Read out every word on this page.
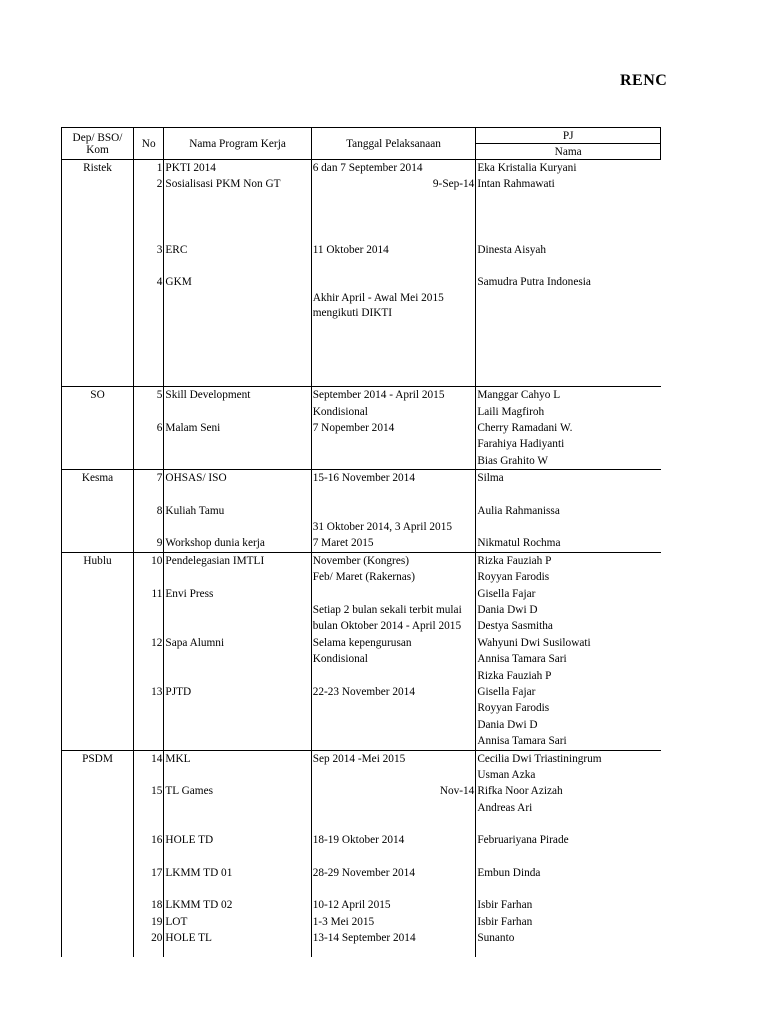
RENC
Dep/ BSO/ Kom	No	Nama Program Kerja	Tanggal Pelaksanaan	PJ
				Nama
Ristek	1	PKTI 2014	6 dan 7 September 2014	Eka Kristalia Kuryani
	2	Sosialisasi PKM Non GT	9-Sep-14	Intan Rahmawati

	3	ERC	11 Oktober 2014	Dinesta Aisyah

	4	GKM		Samudra Putra Indonesia
			Akhir April - Awal Mei 2015 mengikuti DIKTI	
SO	5	Skill Development	September 2014 - April 2015	Manggar Cahyo L
			Kondisional	Laili Magfiroh
	6	Malam Seni	7 Nopember 2014	Cherry Ramadani W.
				Farahiya Hadiyanti
				Bias Grahito W
Kesma	7	OHSAS/ ISO	15-16 November 2014	Silma

	8	Kuliah Tamu		Aulia Rahmanissa
			31 Oktober 2014, 3 April 2015	
	9	Workshop dunia kerja	7 Maret 2015	Nikmatul Rochma
Hublu	10	Pendelegasian IMTLI	November (Kongres)	Rizka Fauziah P
			Feb/ Maret (Rakernas)	Royyan Farodis
	11	Envi Press		Gisella Fajar
			Setiap 2 bulan sekali terbit mulai	Dania Dwi D
			bulan Oktober 2014 - April 2015	Destya Sasmitha
	12	Sapa Alumni	Selama kepengurusan	Wahyuni Dwi Susilowati
			Kondisional	Annisa Tamara Sari
				Rizka Fauziah P
	13	PJTD	22-23 November 2014	Gisella Fajar
				Royyan Farodis
				Dania Dwi D
				Annisa Tamara Sari
PSDM	14	MKL	Sep 2014 -Mei 2015	Cecilia Dwi Triastiningrum
				Usman Azka
	15	TL Games	Nov-14	Rifka Noor Azizah
				Andreas Ari

	16	HOLE TD	18-19 Oktober 2014	Februariyana Pirade

	17	LKMM TD 01	28-29 November 2014	Embun Dinda

	18	LKMM TD 02	10-12 April 2015	Isbir Farhan
	19	LOT	1-3 Mei 2015	Isbir Farhan
	20	HOLE TL	13-14 September 2014	Sunanto
